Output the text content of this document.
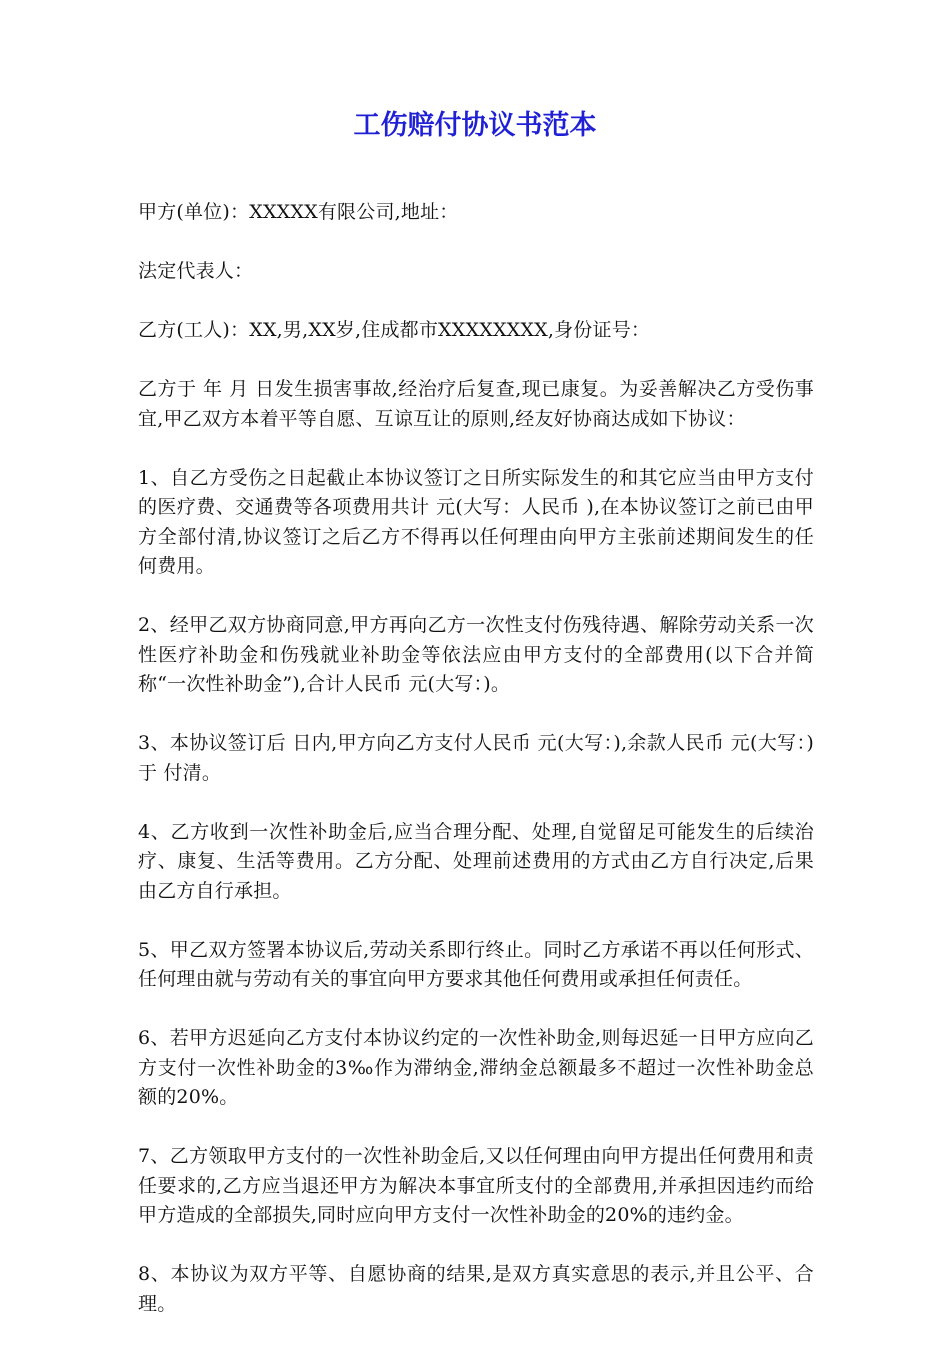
工伤赔付协议书范本

甲方(单位)：XXXXX有限公司,地址：

法定代表人：

乙方(工人)：XX,男,XX岁,住成都市XXXXXXXX,身份证号：

乙方于 年 月 日发生损害事故,经治疗后复查,现已康复。为妥善解决乙方受伤事宜,甲乙双方本着平等自愿、互谅互让的原则,经友好协商达成如下协议：

1、自乙方受伤之日起截止本协议签订之日所实际发生的和其它应当由甲方支付的医疗费、交通费等各项费用共计 元(大写：人民币 ),在本协议签订之前已由甲方全部付清,协议签订之后乙方不得再以任何理由向甲方主张前述期间发生的任何费用。

2、经甲乙双方协商同意,甲方再向乙方一次性支付伤残待遇、解除劳动关系一次性医疗补助金和伤残就业补助金等依法应由甲方支付的全部费用(以下合并简称“一次性补助金”),合计人民币 元(大写：)。

3、本协议签订后 日内,甲方向乙方支付人民币 元(大写：),余款人民币 元(大写：)于 付清。

4、乙方收到一次性补助金后,应当合理分配、处理,自觉留足可能发生的后续治疗、康复、生活等费用。乙方分配、处理前述费用的方式由乙方自行决定,后果由乙方自行承担。

5、甲乙双方签署本协议后,劳动关系即行终止。同时乙方承诺不再以任何形式、任何理由就与劳动有关的事宜向甲方要求其他任何费用或承担任何责任。

6、若甲方迟延向乙方支付本协议约定的一次性补助金,则每迟延一日甲方应向乙方支付一次性补助金的3‰作为滞纳金,滞纳金总额最多不超过一次性补助金总额的20%。

7、乙方领取甲方支付的一次性补助金后,又以任何理由向甲方提出任何费用和责任要求的,乙方应当退还甲方为解决本事宜所支付的全部费用,并承担因违约而给甲方造成的全部损失,同时应向甲方支付一次性补助金的20%的违约金。

8、本协议为双方平等、自愿协商的结果,是双方真实意思的表示,并且公平、合理。
